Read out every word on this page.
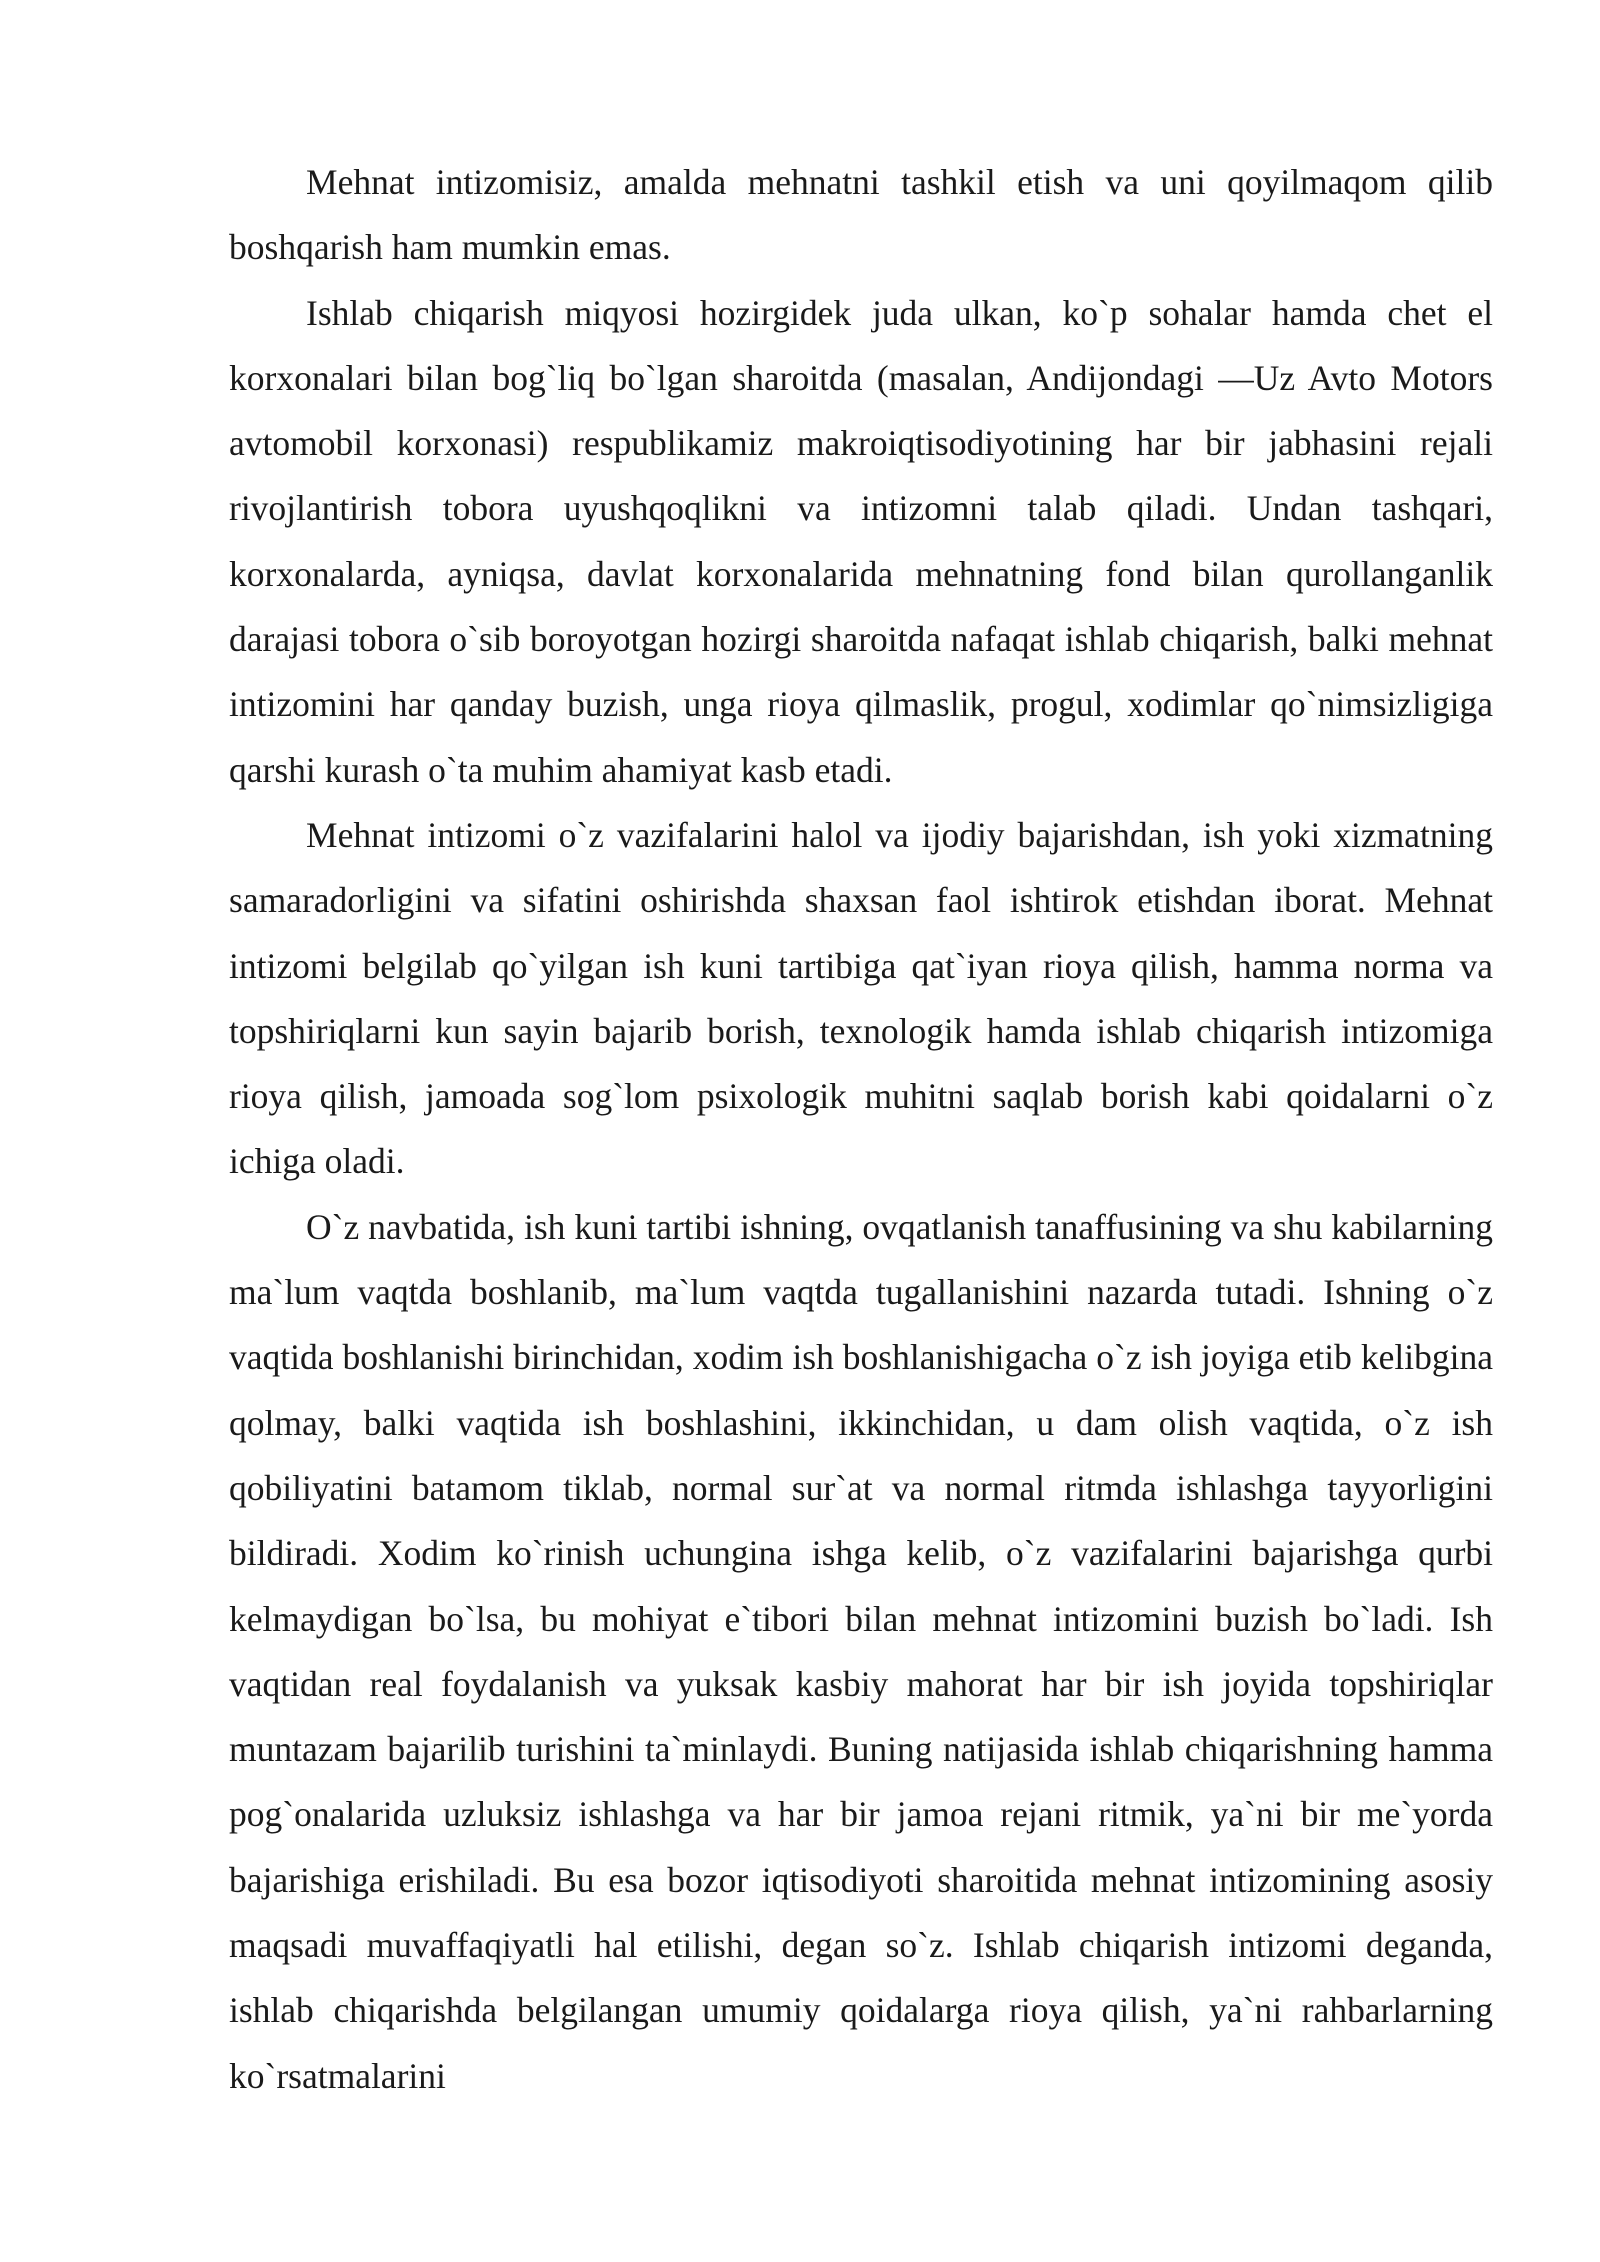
Mehnat intizomisiz, amalda mehnatni tashkil etish va uni qoyilmaqom qilib boshqarish ham mumkin emas.

Ishlab chiqarish miqyosi hozirgidek juda ulkan, ko`p sohalar hamda chet el korxonalari bilan bog`liq bo`lgan sharoitda (masalan, Andijondagi ―Uz Avto Motors avtomobil korxonasi) respublikamiz makroiqtisodiyotining har bir jabhasini rejali rivojlantirish tobora uyushqoqlikni va intizomni talab qiladi. Undan tashqari, korxonalarda, ayniqsa, davlat korxonalarida mehnatning fond bilan qurollanganlik darajasi tobora o`sib boroyotgan hozirgi sharoitda nafaqat ishlab chiqarish, balki mehnat intizomini har qanday buzish, unga rioya qilmaslik, progul, xodimlar qo`nimsizligiga qarshi kurash o`ta muhim ahamiyat kasb etadi.

Mehnat intizomi o`z vazifalarini halol va ijodiy bajarishdan, ish yoki xizmatning samaradorligini va sifatini oshirishda shaxsan faol ishtirok etishdan iborat. Mehnat intizomi belgilab qo`yilgan ish kuni tartibiga qat`iyan rioya qilish, hamma norma va topshiriqlarni kun sayin bajarib borish, texnologik hamda ishlab chiqarish intizomiga rioya qilish, jamoada sog`lom psixologik muhitni saqlab borish kabi qoidalarni o`z ichiga oladi.

O`z navbatida, ish kuni tartibi ishning, ovqatlanish tanaffusining va shu kabilarning ma`lum vaqtda boshlanib, ma`lum vaqtda tugallanishini nazarda tutadi. Ishning o`z vaqtida boshlanishi birinchidan, xodim ish boshlanishigacha o`z ish joyiga etib kelibgina qolmay, balki vaqtida ish boshlashini, ikkinchidan, u dam olish vaqtida, o`z ish qobiliyatini batamom tiklab, normal sur`at va normal ritmda ishlashga tayyorligini bildiradi. Xodim ko`rinish uchungina ishga kelib, o`z vazifalarini bajarishga qurbi kelmaydigan bo`lsa, bu mohiyat e`tibori bilan mehnat intizomini buzish bo`ladi. Ish vaqtidan real foydalanish va yuksak kasbiy mahorat har bir ish joyida topshiriqlar muntazam bajarilib turishini ta`minlaydi. Buning natijasida ishlab chiqarishning hamma pog`onalarida uzluksiz ishlashga va har bir jamoa rejani ritmik, ya`ni bir me`yorda bajarishiga erishiladi. Bu esa bozor iqtisodiyoti sharoitida mehnat intizomining asosiy maqsadi muvaffaqiyatli hal etilishi, degan so`z. Ishlab chiqarish intizomi deganda, ishlab chiqarishda belgilangan umumiy qoidalarga rioya qilish, ya`ni rahbarlarning ko`rsatmalarini
